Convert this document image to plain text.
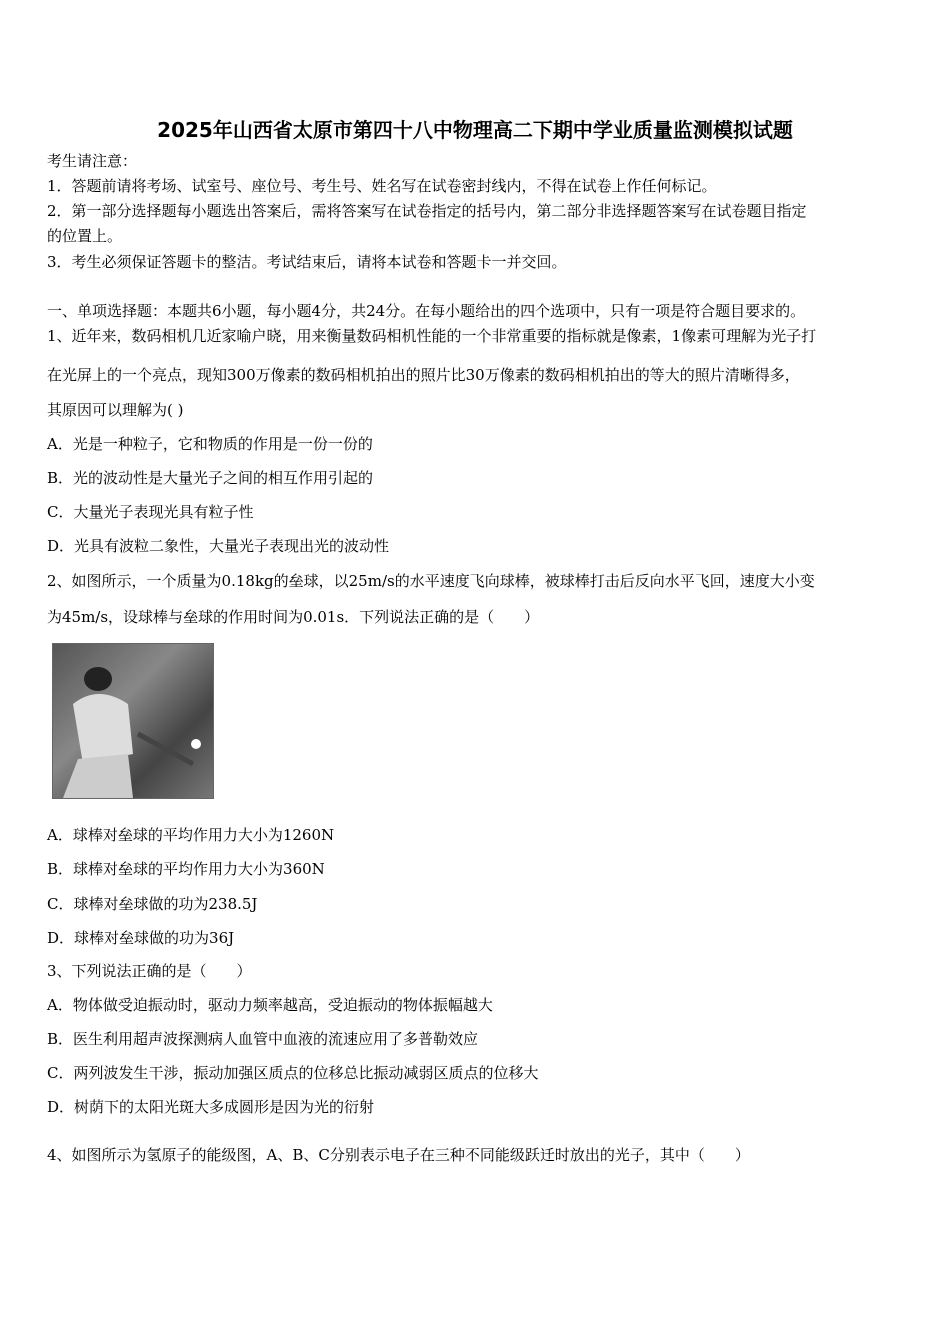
2025年山西省太原市第四十八中物理高二下期中学业质量监测模拟试题
考生请注意：
1．答题前请将考场、试室号、座位号、考生号、姓名写在试卷密封线内，不得在试卷上作任何标记。
2．第一部分选择题每小题选出答案后，需将答案写在试卷指定的括号内，第二部分非选择题答案写在试卷题目指定
的位置上。
3．考生必须保证答题卡的整洁。考试结束后，请将本试卷和答题卡一并交回。
一、单项选择题：本题共6小题，每小题4分，共24分。在每小题给出的四个选项中，只有一项是符合题目要求的。
1、近年来，数码相机几近家喻户晓，用来衡量数码相机性能的一个非常重要的指标就是像素，1像素可理解为光子打
在光屏上的一个亮点，现知300万像素的数码相机拍出的照片比30万像素的数码相机拍出的等大的照片清晰得多，
其原因可以理解为( )
A．光是一种粒子，它和物质的作用是一份一份的
B．光的波动性是大量光子之间的相互作用引起的
C．大量光子表现光具有粒子性
D．光具有波粒二象性，大量光子表现出光的波动性
2、如图所示，一个质量为0.18kg的垒球，以25m/s的水平速度飞向球棒，被球棒打击后反向水平飞回，速度大小变
为45m/s，设球棒与垒球的作用时间为0.01s．下列说法正确的是（　　）
A．球棒对垒球的平均作用力大小为1260N
B．球棒对垒球的平均作用力大小为360N
C．球棒对垒球做的功为238.5J
D．球棒对垒球做的功为36J
3、下列说法正确的是（　　）
A．物体做受迫振动时，驱动力频率越高，受迫振动的物体振幅越大
B．医生利用超声波探测病人血管中血液的流速应用了多普勒效应
C．两列波发生干涉，振动加强区质点的位移总比振动减弱区质点的位移大
D．树荫下的太阳光斑大多成圆形是因为光的衍射
4、如图所示为氢原子的能级图，A、B、C分别表示电子在三种不同能级跃迁时放出的光子，其中（　　）
